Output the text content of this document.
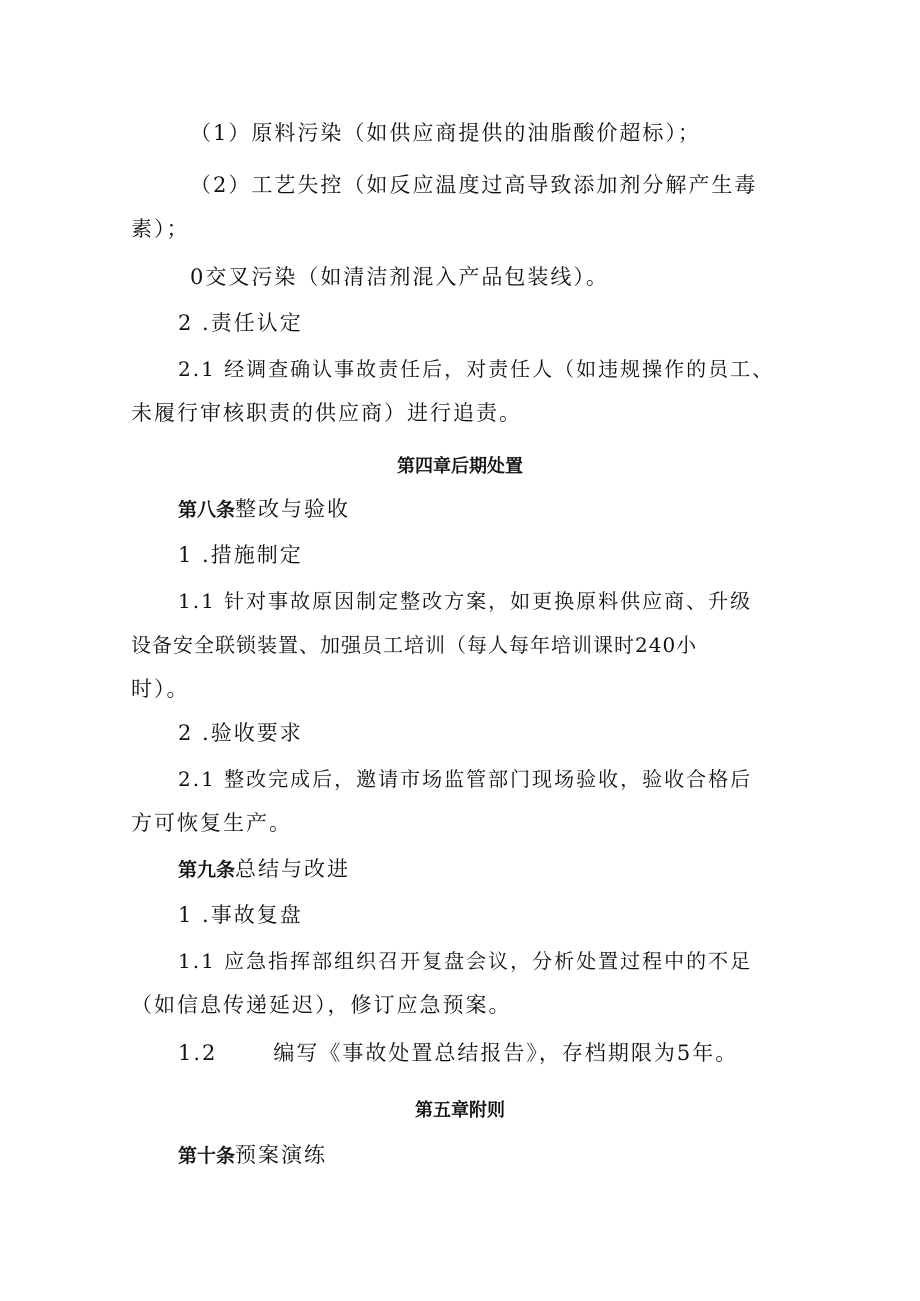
（1）原料污染（如供应商提供的油脂酸价超标）；
（2）工艺失控（如反应温度过高导致添加剂分解产生毒
素）；
0交叉污染（如清洁剂混入产品包装线）。
2 .责任认定
2.1 经调查确认事故责任后，对责任人（如违规操作的员工、
未履行审核职责的供应商）进行追责。
第四章后期处置
第八条整改与验收
1 .措施制定
1.1 针对事故原因制定整改方案，如更换原料供应商、升级
设备安全联锁装置、加强员工培训（每人每年培训课时240小
时）。
2 .验收要求
2.1 整改完成后，邀请市场监管部门现场验收，验收合格后
方可恢复生产。
第九条总结与改进
1 .事故复盘
1.1 应急指挥部组织召开复盘会议，分析处置过程中的不足
（如信息传递延迟），修订应急预案。
1.2	编写《事故处置总结报告》，存档期限为5年。
第五章附则
第十条预案演练
